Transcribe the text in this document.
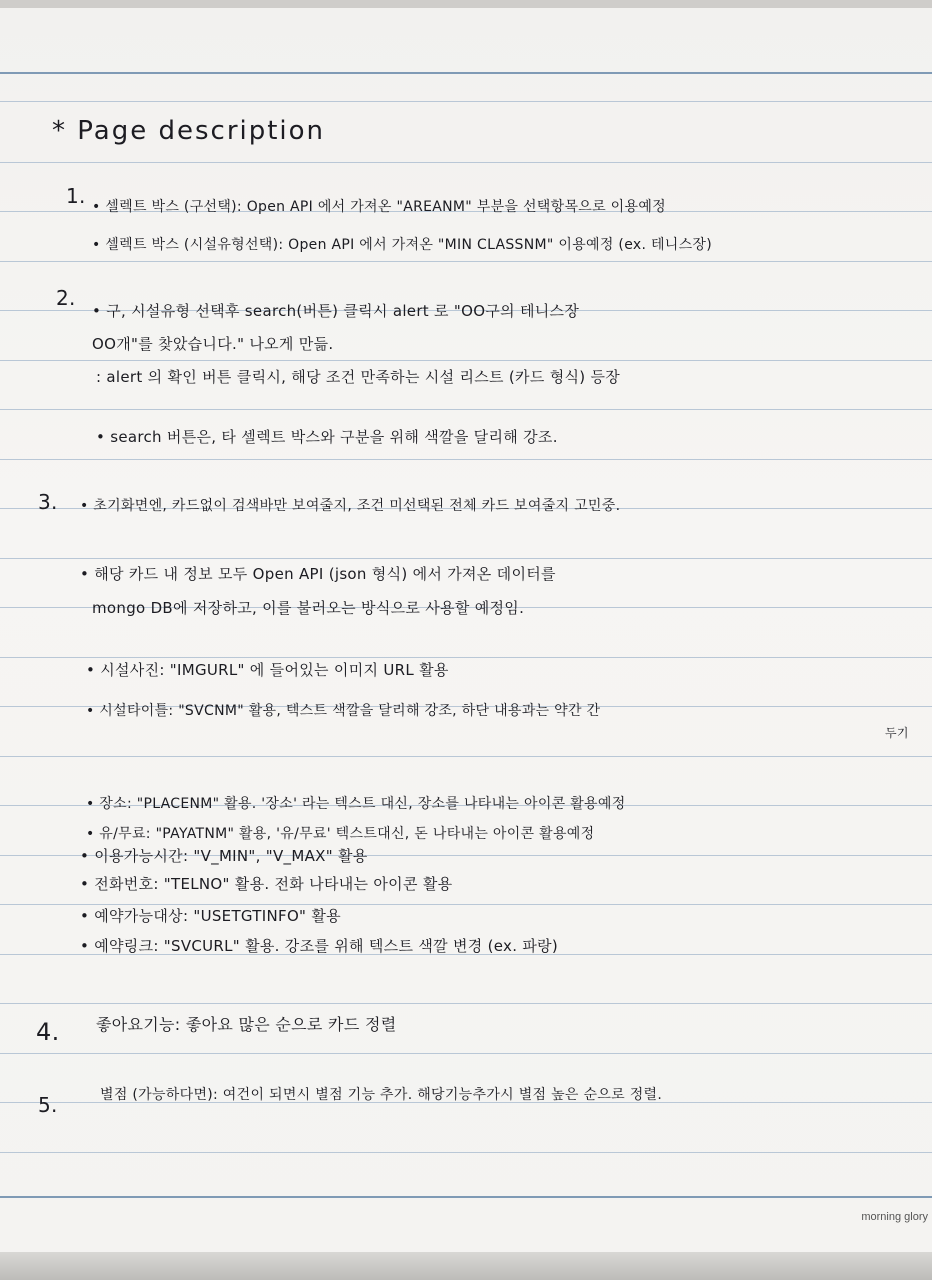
* Page description
1. • 셀렉트 박스 (구선택): Open API 에서 가져온 "AREANM" 부분을 선택항목으로 이용예정
• 셀렉트 박스 (시설유형선택): Open API 에서 가져온 "MIN CLASSNM" 이용예정 (ex. 테니스장)
2.
• 구, 시설유형 선택후 search(버튼) 클릭시 alert 로 "OO구의 테니스장
OO개"를 찾았습니다." 나오게 만듦.
: alert 의 확인 버튼 클릭시, 해당 조건 만족하는 시설 리스트 (카드 형식) 등장
• search 버튼은, 타 셀렉트 박스와 구분을 위해 색깔을 달리해 강조.
3. • 초기화면엔, 카드없이 검색바만 보여줄지, 조건 미선택된 전체 카드 보여줄지 고민중.
• 해당 카드 내 정보 모두 Open API (json 형식) 에서 가져온 데이터를
mongo DB에 저장하고, 이를 불러오는 방식으로 사용할 예정임.
• 시설사진: "IMGURL" 에 들어있는 이미지 URL 활용
• 시설타이틀: "SVCNM" 활용, 텍스트 색깔을 달리해 강조, 하단 내용과는 약간 간
두기
• 장소: "PLACENM" 활용. '장소' 라는 텍스트 대신, 장소를 나타내는 아이콘 활용예정
• 유/무료: "PAYATNM" 활용, '유/무료' 텍스트대신, 돈 나타내는 아이콘 활용예정
• 이용가능시간: "V_MIN", "V_MAX" 활용
• 전화번호: "TELNO" 활용. 전화 나타내는 아이콘 활용
• 예약가능대상: "USETGTINFO" 활용
• 예약링크: "SVCURL" 활용. 강조를 위해 텍스트 색깔 변경 (ex. 파랑)
4. 좋아요기능: 좋아요 많은 순으로 카드 정렬
5.	별점 (가능하다면): 여건이 되면시 별점 기능 추가. 해당기능추가시 별점 높은 순으로 정렬.
morning glory
